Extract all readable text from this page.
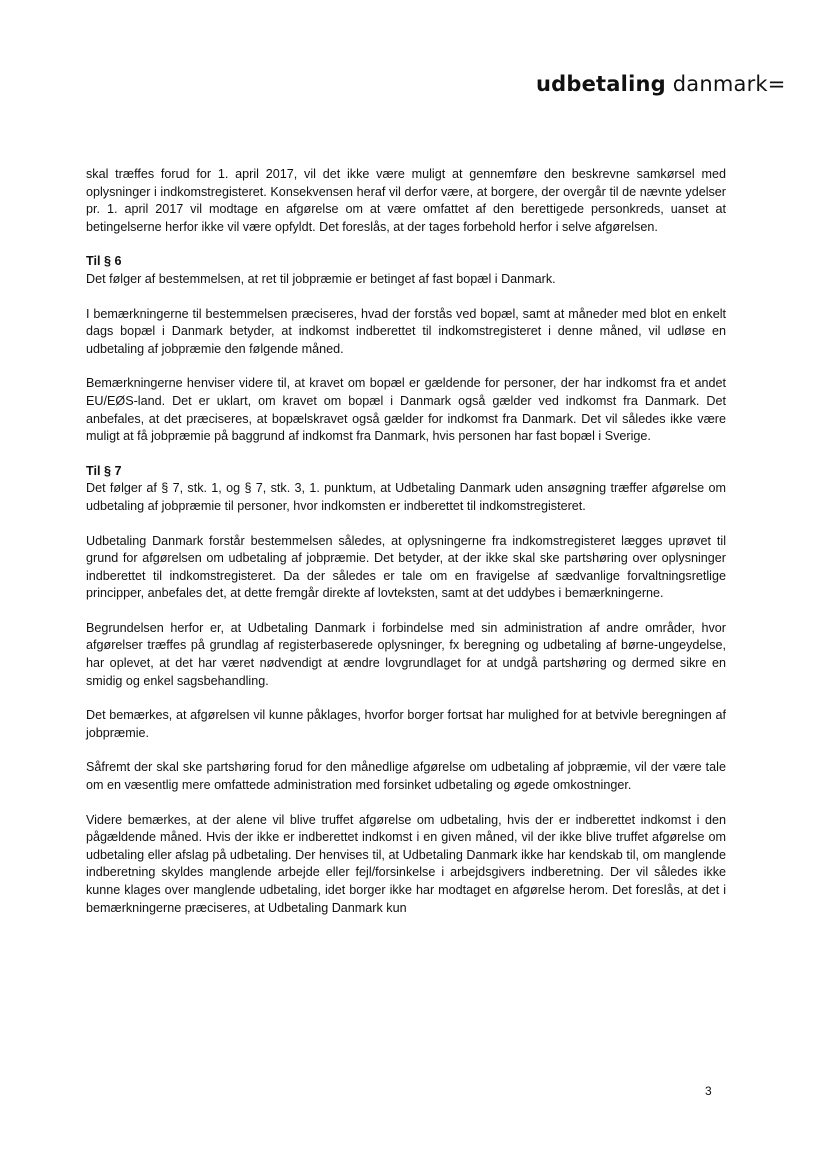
udbetaling danmark=

skal træffes forud for 1. april 2017, vil det ikke være muligt at gennemføre den beskrevne samkørsel med oplysninger i indkomstregisteret. Konsekvensen heraf vil derfor være, at borgere, der overgår til de nævnte ydelser pr. 1. april 2017 vil modtage en afgørelse om at være omfattet af den berettigede personkreds, uanset at betingelserne herfor ikke vil være opfyldt. Det foreslås, at der tages forbehold herfor i selve afgørelsen.

Til § 6

Det følger af bestemmelsen, at ret til jobpræmie er betinget af fast bopæl i Danmark.

I bemærkningerne til bestemmelsen præciseres, hvad der forstås ved bopæl, samt at måneder med blot en enkelt dags bopæl i Danmark betyder, at indkomst indberettet til indkomstregisteret i denne måned, vil udløse en udbetaling af jobpræmie den følgende måned.

Bemærkningerne henviser videre til, at kravet om bopæl er gældende for personer, der har indkomst fra et andet EU/EØS-land. Det er uklart, om kravet om bopæl i Danmark også gælder ved indkomst fra Danmark. Det anbefales, at det præciseres, at bopælskravet også gælder for indkomst fra Danmark. Det vil således ikke være muligt at få jobpræmie på baggrund af indkomst fra Danmark, hvis personen har fast bopæl i Sverige.

Til § 7

Det følger af § 7, stk. 1, og § 7, stk. 3, 1. punktum, at Udbetaling Danmark uden ansøgning træffer afgørelse om udbetaling af jobpræmie til personer, hvor indkomsten er indberettet til indkomstregisteret.

Udbetaling Danmark forstår bestemmelsen således, at oplysningerne fra indkomstregisteret lægges uprøvet til grund for afgørelsen om udbetaling af jobpræmie. Det betyder, at der ikke skal ske partshøring over oplysninger indberettet til indkomstregisteret. Da der således er tale om en fravigelse af sædvanlige forvaltningsretlige principper, anbefales det, at dette fremgår direkte af lovteksten, samt at det uddybes i bemærkningerne.

Begrundelsen herfor er, at Udbetaling Danmark i forbindelse med sin administration af andre områder, hvor afgørelser træffes på grundlag af registerbaserede oplysninger, fx beregning og udbetaling af børne-ungeydelse, har oplevet, at det har været nødvendigt at ændre lovgrundlaget for at undgå partshøring og dermed sikre en smidig og enkel sagsbehandling.

Det bemærkes, at afgørelsen vil kunne påklages, hvorfor borger fortsat har mulighed for at betvivle beregningen af jobpræmie.

Såfremt der skal ske partshøring forud for den månedlige afgørelse om udbetaling af jobpræmie, vil der være tale om en væsentlig mere omfattede administration med forsinket udbetaling og øgede omkostninger.

Videre bemærkes, at der alene vil blive truffet afgørelse om udbetaling, hvis der er indberettet indkomst i den pågældende måned. Hvis der ikke er indberettet indkomst i en given måned, vil der ikke blive truffet afgørelse om udbetaling eller afslag på udbetaling. Der henvises til, at Udbetaling Danmark ikke har kendskab til, om manglende indberetning skyldes manglende arbejde eller fejl/forsinkelse i arbejdsgivers indberetning. Der vil således ikke kunne klages over manglende udbetaling, idet borger ikke har modtaget en afgørelse herom. Det foreslås, at det i bemærkningerne præciseres, at Udbetaling Danmark kun

3
